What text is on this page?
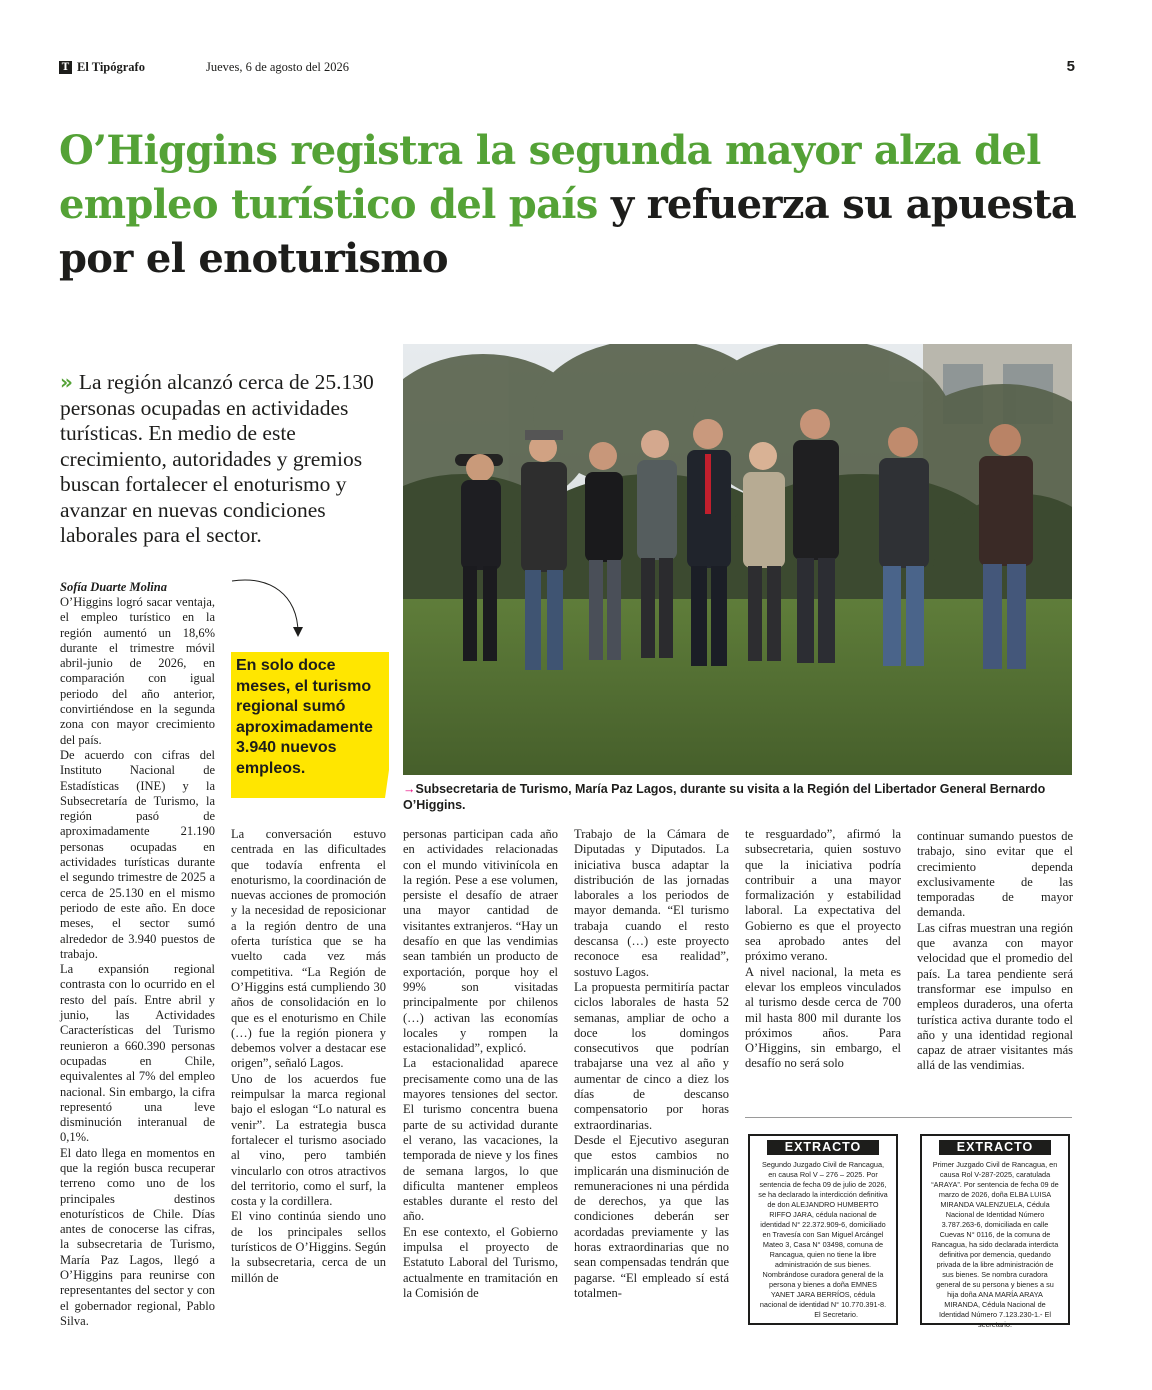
T El Tipógrafo	Jueves, 6 de agosto del 2026	5
O’Higgins registra la segunda mayor alza del empleo turístico del país y refuerza su apuesta por el enoturismo
» La región alcanzó cerca de 25.130 personas ocupadas en actividades turísticas. En medio de este crecimiento, autoridades y gremios buscan fortalecer el enoturismo y avanzar en nuevas condiciones laborales para el sector.
→Subsecretaria de Turismo, María Paz Lagos, durante su visita a la Región del Libertador General Bernardo O’Higgins.
Sofía Duarte Molina

O’Higgins logró sacar ventaja, el empleo turístico en la región aumentó un 18,6% durante el trimestre móvil abril-junio de 2026, en comparación con igual periodo del año anterior, convirtiéndose en la segunda zona con mayor crecimiento del país.

De acuerdo con cifras del Instituto Nacional de Estadísticas (INE) y la Subsecretaría de Turismo, la región pasó de aproximadamente 21.190 personas ocupadas en actividades turísticas durante el segundo trimestre de 2025 a cerca de 25.130 en el mismo periodo de este año. En doce meses, el sector sumó alrededor de 3.940 puestos de trabajo.

La expansión regional contrasta con lo ocurrido en el resto del país. Entre abril y junio, las Actividades Características del Turismo reunieron a 660.390 personas ocupadas en Chile, equivalentes al 7% del empleo nacional. Sin embargo, la cifra representó una leve disminución interanual de 0,1%.

El dato llega en momentos en que la región busca recuperar terreno como uno de los principales destinos enoturísticos de Chile. Días antes de conocerse las cifras, la subsecretaria de Turismo, María Paz Lagos, llegó a O’Higgins para reunirse con representantes del sector y con el gobernador regional, Pablo Silva.

En solo doce meses, el turismo regional sumó aproximadamente 3.940 nuevos empleos.

La conversación estuvo centrada en las dificultades que todavía enfrenta el enoturismo, la coordinación de nuevas acciones de promoción y la necesidad de reposicionar a la región dentro de una oferta turística que se ha vuelto cada vez más competitiva. “La Región de O’Higgins está cumpliendo 30 años de consolidación en lo que es el enoturismo en Chile (…) fue la región pionera y debemos volver a destacar ese origen”, señaló Lagos.

Uno de los acuerdos fue reimpulsar la marca regional bajo el eslogan “Lo natural es venir”. La estrategia busca fortalecer el turismo asociado al vino, pero también vincularlo con otros atractivos del territorio, como el surf, la costa y la cordillera.

El vino continúa siendo uno de los principales sellos turísticos de O’Higgins. Según la subsecretaria, cerca de un millón de

personas participan cada año en actividades relacionadas con el mundo vitivinícola en la región. Pese a ese volumen, persiste el desafío de atraer una mayor cantidad de visitantes extranjeros. “Hay un desafío en que las vendimias sean también un producto de exportación, porque hoy el 99% son visitadas principalmente por chilenos (…) activan las economías locales y rompen la estacionalidad”, explicó.

La estacionalidad aparece precisamente como una de las mayores tensiones del sector. El turismo concentra buena parte de su actividad durante el verano, las vacaciones, la temporada de nieve y los fines de semana largos, lo que dificulta mantener empleos estables durante el resto del año.

En ese contexto, el Gobierno impulsa el proyecto de Estatuto Laboral del Turismo, actualmente en tramitación en la Comisión de

Trabajo de la Cámara de Diputadas y Diputados. La iniciativa busca adaptar la distribución de las jornadas laborales a los periodos de mayor demanda. “El turismo trabaja cuando el resto descansa (…) este proyecto reconoce esa realidad”, sostuvo Lagos.

La propuesta permitiría pactar ciclos laborales de hasta 52 semanas, ampliar de ocho a doce los domingos consecutivos que podrían trabajarse una vez al año y aumentar de cinco a diez los días de descanso compensatorio por horas extraordinarias.

Desde el Ejecutivo aseguran que estos cambios no implicarán una disminución de remuneraciones ni una pérdida de derechos, ya que las condiciones deberán ser acordadas previamente y las horas extraordinarias que no sean compensadas tendrán que pagarse. “El empleado sí está totalmen-

te resguardado”, afirmó la subsecretaria, quien sostuvo que la iniciativa podría contribuir a una mayor formalización y estabilidad laboral. La expectativa del Gobierno es que el proyecto sea aprobado antes del próximo verano.

A nivel nacional, la meta es elevar los empleos vinculados al turismo desde cerca de 700 mil hasta 800 mil durante los próximos años. Para O’Higgins, sin embargo, el desafío no será solo

continuar sumando puestos de trabajo, sino evitar que el crecimiento dependa exclusivamente de las temporadas de mayor demanda.

Las cifras muestran una región que avanza con mayor velocidad que el promedio del país. La tarea pendiente será transformar ese impulso en empleos duraderos, una oferta turística activa durante todo el año y una identidad regional capaz de atraer visitantes más allá de las vendimias.

EXTRACTO
Segundo Juzgado Civil de Rancagua, en causa Rol V – 276 – 2025. Por sentencia de fecha 09 de julio de 2026, se ha declarado la interdicción definitiva de don ALEJANDRO HUMBERTO RIFFO JARA, cédula nacional de identidad N° 22.372.909-6, domiciliado en Travesía con San Miguel Arcángel Mateo 3, Casa N° 03498, comuna de Rancagua, quien no tiene la libre administración de sus bienes. Nombrándose curadora general de la persona y bienes a doña EMNES YANET JARA BERRÍOS, cédula nacional de identidad N° 10.770.391-8.
El Secretario.
EXTRACTO
Primer Juzgado Civil de Rancagua, en causa Rol V-287-2025, caratulada “ARAYA”. Por sentencia de fecha 09 de marzo de 2026, doña ELBA LUISA MIRANDA VALENZUELA, Cédula Nacional de Identidad Número 3.787.263-6, domiciliada en calle Cuevas N° 0116, de la comuna de Rancagua, ha sido declarada interdicta definitiva por demencia, quedando privada de la libre administración de sus bienes. Se nombra curadora general de su persona y bienes a su hija doña ANA MARÍA ARAYA MIRANDA, Cédula Nacional de Identidad Número 7.123.230-1.- El secretario.
